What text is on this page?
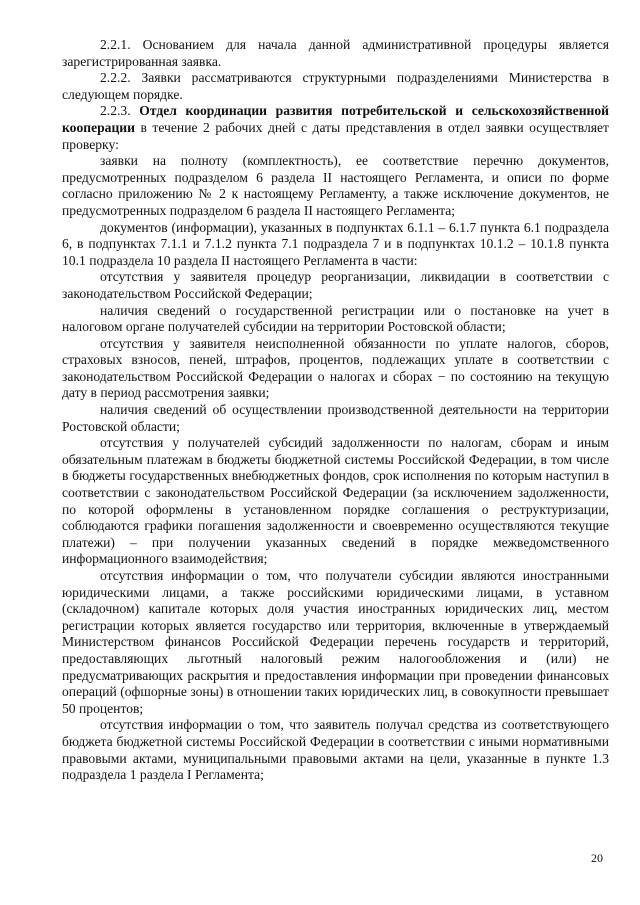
2.2.1. Основанием для начала данной административной процедуры является зарегистрированная заявка.

2.2.2. Заявки рассматриваются структурными подразделениями Министерства в следующем порядке.

2.2.3. Отдел координации развития потребительской и сельскохозяйственной кооперации в течение 2 рабочих дней с даты представления в отдел заявки осуществляет проверку:

заявки на полноту (комплектность), ее соответствие перечню документов, предусмотренных подразделом 6 раздела II настоящего Регламента, и описи по форме согласно приложению № 2 к настоящему Регламенту, а также исключение документов, не предусмотренных подразделом 6 раздела II настоящего Регламента;

документов (информации), указанных в подпунктах 6.1.1 – 6.1.7 пункта 6.1 подраздела 6, в подпунктах 7.1.1 и 7.1.2 пункта 7.1 подраздела 7 и в подпунктах 10.1.2 – 10.1.8 пункта 10.1 подраздела 10 раздела II настоящего Регламента в части:

отсутствия у заявителя процедур реорганизации, ликвидации в соответствии с законодательством Российской Федерации;

наличия сведений о государственной регистрации или о постановке на учет в налоговом органе получателей субсидии на территории Ростовской области;

отсутствия у заявителя неисполненной обязанности по уплате налогов, сборов, страховых взносов, пеней, штрафов, процентов, подлежащих уплате в соответствии с законодательством Российской Федерации о налогах и сборах − по состоянию на текущую дату в период рассмотрения заявки;

наличия сведений об осуществлении производственной деятельности на территории Ростовской области;

отсутствия у получателей субсидий задолженности по налогам, сборам и иным обязательным платежам в бюджеты бюджетной системы Российской Федерации, в том числе в бюджеты государственных внебюджетных фондов, срок исполнения по которым наступил в соответствии с законодательством Российской Федерации (за исключением задолженности, по которой оформлены в установленном порядке соглашения о реструктуризации, соблюдаются графики погашения задолженности и своевременно осуществляются текущие платежи) – при получении указанных сведений в порядке межведомственного информационного взаимодействия;

отсутствия информации о том, что получатели субсидии являются иностранными юридическими лицами, а также российскими юридическими лицами, в уставном (складочном) капитале которых доля участия иностранных юридических лиц, местом регистрации которых является государство или территория, включенные в утверждаемый Министерством финансов Российской Федерации перечень государств и территорий, предоставляющих льготный налоговый режим налогообложения и (или) не предусматривающих раскрытия и предоставления информации при проведении финансовых операций (офшорные зоны) в отношении таких юридических лиц, в совокупности превышает 50 процентов;

отсутствия информации о том, что заявитель получал средства из соответствующего бюджета бюджетной системы Российской Федерации в соответствии с иными нормативными правовыми актами, муниципальными правовыми актами на цели, указанные в пункте 1.3 подраздела 1 раздела I Регламента;

20
